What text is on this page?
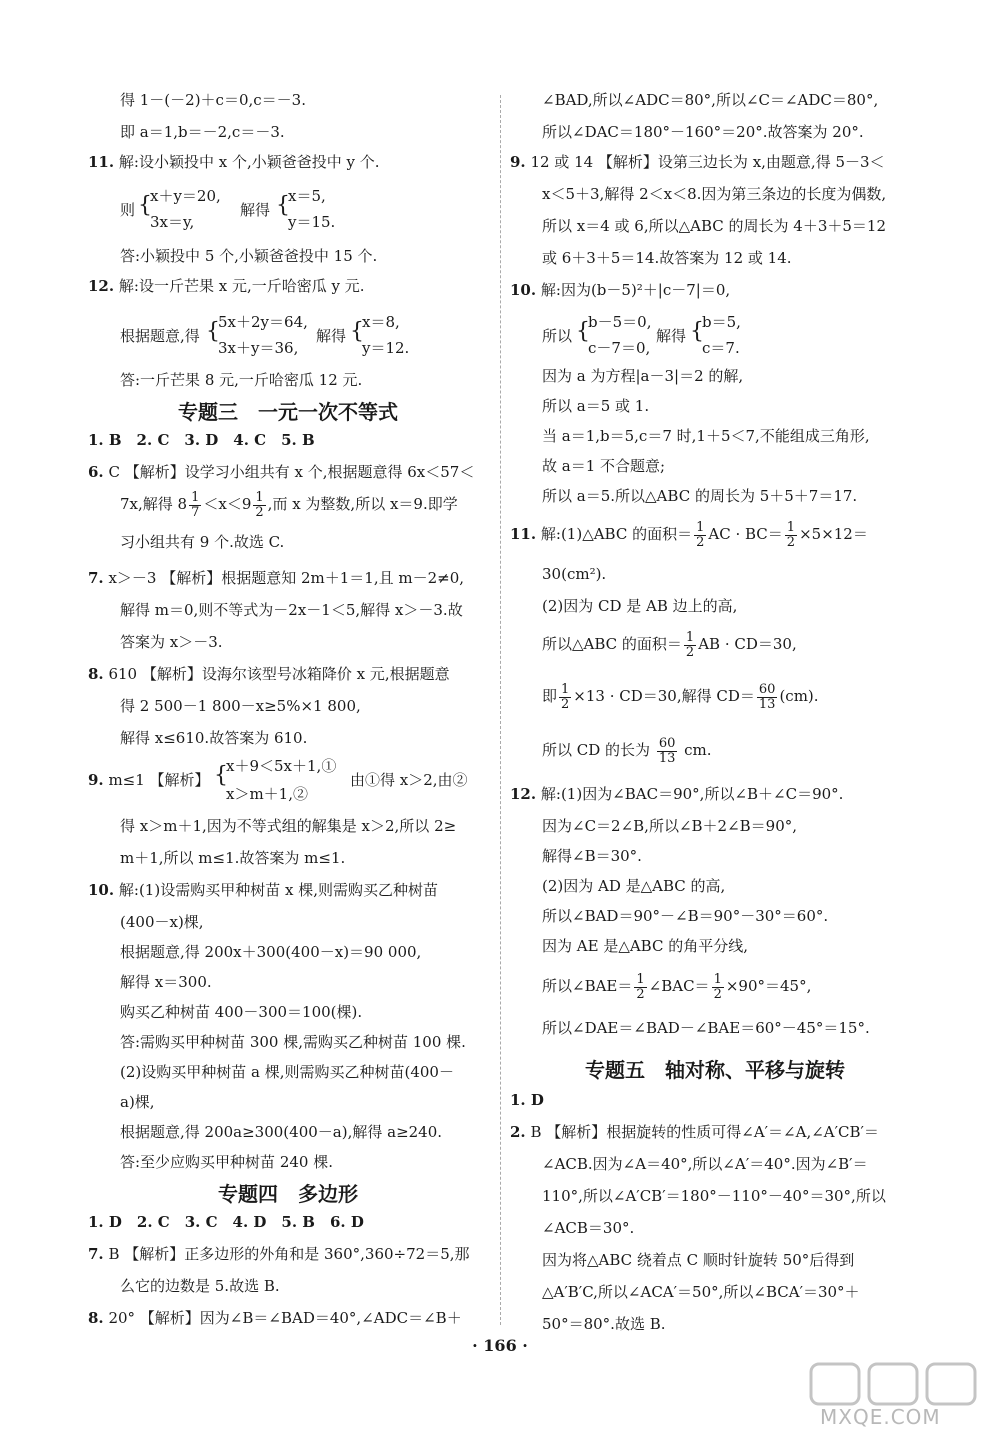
得 1－(－2)＋c＝0,c＝－3.
即 a＝1,b＝－2,c＝－3.
11. 解:设小颖投中 x 个,小颖爸爸投中 y 个.
则 {
x＋y＝20,
3x＝y,
解得 {
x＝5,
y＝15.
答:小颖投中 5 个,小颖爸爸投中 15 个.
12. 解:设一斤芒果 x 元,一斤哈密瓜 y 元.
根据题意,得 {
5x＋2y＝64,
3x＋y＝36,
解得 {
x＝8,
y＝12.
答:一斤芒果 8 元,一斤哈密瓜 12 元.
专题三　一元一次不等式
1. B　2. C　3. D　4. C　5. B
6. C 【解析】设学习小组共有 x 个,根据题意得 6x＜57＜
7x,解得 $8 \frac{1}{7} <x<9 \frac{1}{2}$ ,而 x 为整数,所以 x＝9.即学
习小组共有 9 个.故选 C.
7. x＞－3 【解析】根据题意知 2m＋1＝1,且 m－2≠0,
解得 m＝0,则不等式为－2x－1＜5,解得 x＞－3.故
答案为 x＞－3.
8. 610 【解析】设海尔该型号冰箱降价 x 元,根据题意
得 2 500－1 800－x≥5%×1 800,
解得 x≤610.故答案为 610.
9. m≤1 【解析】 {
x＋9＜5x＋1,①
x＞m＋1,②
由①得 x＞2,由②
得 x＞m＋1,因为不等式组的解集是 x＞2,所以 2≥
m＋1,所以 m≤1.故答案为 m≤1.
10. 解:(1)设需购买甲种树苗 x 棵,则需购买乙种树苗
(400－x)棵,
根据题意,得 200x＋300(400－x)＝90 000,
解得 x＝300.
购买乙种树苗 400－300＝100(棵).
答:需购买甲种树苗 300 棵,需购买乙种树苗 100 棵.
(2)设购买甲种树苗 a 棵,则需购买乙种树苗(400－
a)棵,
根据题意,得 200a≥300(400－a),解得 a≥240.
答:至少应购买甲种树苗 240 棵.
专题四　多边形
1. D　2. C　3. C　4. D　5. B　6. D
7. B 【解析】正多边形的外角和是 360°,360÷72＝5,那
么它的边数是 5.故选 B.
8. 20° 【解析】因为∠B＝∠BAD＝40°,∠ADC＝∠B＋
∠BAD,所以∠ADC＝80°,所以∠C＝∠ADC＝80°,
所以∠DAC＝180°－160°＝20°.故答案为 20°.
9. 12 或 14 【解析】设第三边长为 x,由题意,得 5－3＜
x＜5＋3,解得 2＜x＜8.因为第三条边的长度为偶数,
所以 x＝4 或 6,所以△ABC 的周长为 4＋3＋5＝12
或 6＋3＋5＝14.故答案为 12 或 14.
10. 解:因为(b－5)²＋|c－7|＝0,
所以 {
b－5＝0,
c－7＝0,
解得 {
b＝5,
c＝7.
因为 a 为方程|a－3|＝2 的解,
所以 a＝5 或 1.
当 a＝1,b＝5,c＝7 时,1＋5＜7,不能组成三角形,
故 a＝1 不合题意;
所以 a＝5.所以△ABC 的周长为 5＋5＋7＝17.
11. 解:(1)△ABC 的面积＝ $\frac{1}{2}$ AC · $BC= \frac{1}{2} \times 5\times 12=$
30(cm²).
(2)因为 CD 是 AB 边上的高,
所以△ABC 的面积＝ $\frac{1}{2}$ AB · CD＝30,
即 $\frac{1}{2} \times 13 \cdot CD=30$,解得 $CD= \frac{60}{13} (cm)$.
所以 CD 的长为 $\frac{60}{13}$ cm.
12. 解:(1)因为∠BAC＝90°,所以∠B＋∠C＝90°.
因为∠C＝2∠B,所以∠B＋2∠B＝90°,
解得∠B＝30°.
(2)因为 AD 是△ABC 的高,
所以∠BAD＝90°－∠B＝90°－30°＝60°.
因为 AE 是△ABC 的角平分线,
所以∠BAE＝ $\frac{1}{2}$ ∠BAC＝ $\frac{1}{2} \times 90^\circ=45^\circ$,
所以∠DAE＝∠BAD－∠BAE＝60°－45°＝15°.
专题五　轴对称、平移与旋转
1. D
2. B 【解析】根据旋转的性质可得∠A′＝∠A,∠A′CB′＝
∠ACB.因为∠A＝40°,所以∠A′＝40°.因为∠B′＝
110°,所以∠A′CB′＝180°－110°－40°＝30°,所以
∠ACB＝30°.
因为将△ABC 绕着点 C 顺时针旋转 50°后得到
△A′B′C,所以∠ACA′＝50°,所以∠BCA′＝30°＋
50°＝80°.故选 B.
· 166 ·
MXQE.COM
